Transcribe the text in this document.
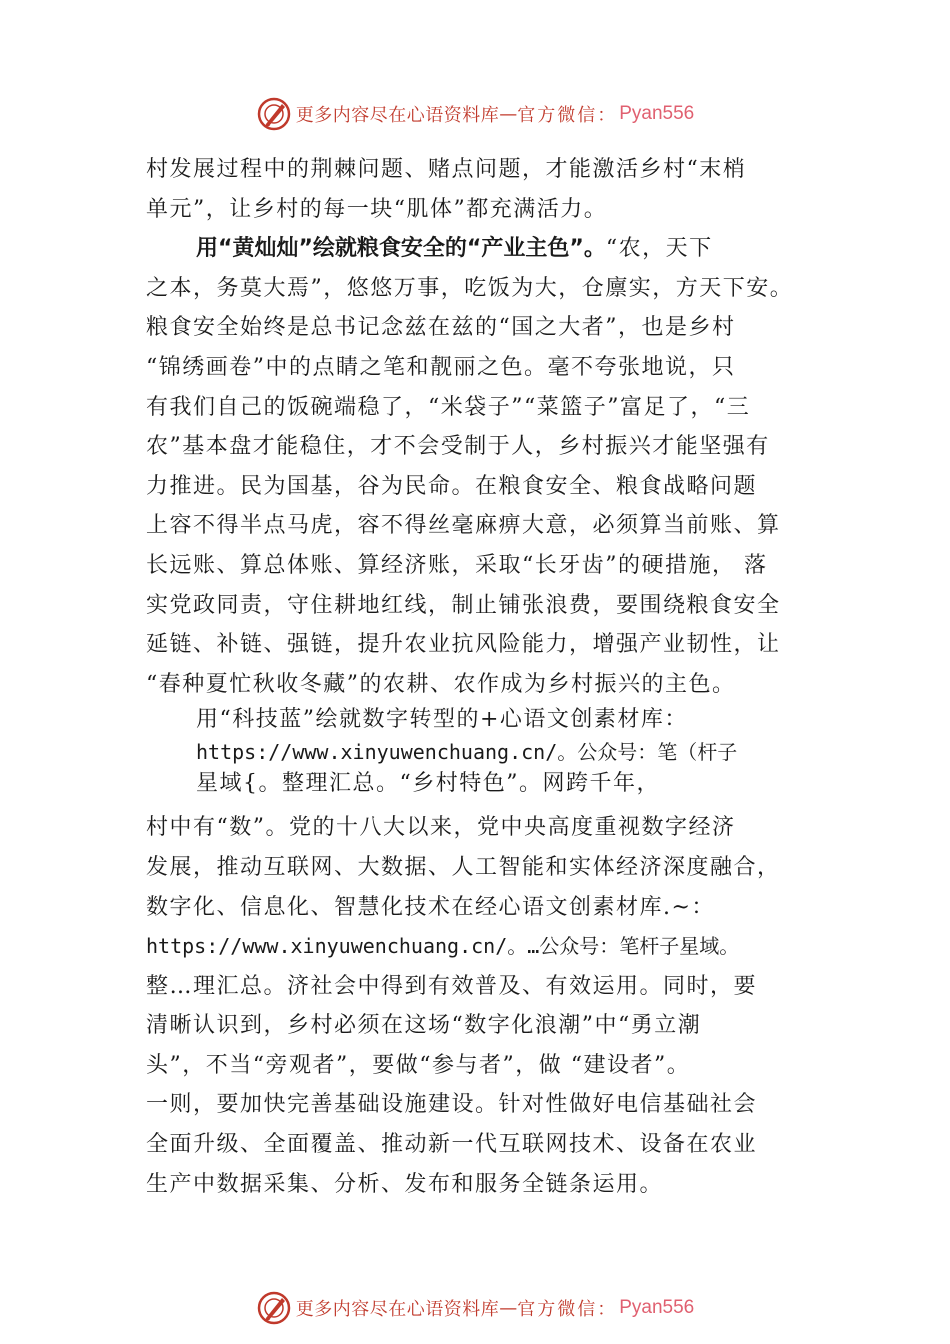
更多内容尽在心语资料库 — 官方微信： Pyan556
村发展过程中的荆棘问题、赌点问题，才能激活乡村“末梢
单元”，让乡村的每一块“肌体”都充满活力。
用“黄灿灿”绘就粮食安全的“产业主色”。“农，天下
之本，务莫大焉”，悠悠万事，吃饭为大，仓廪实，方天下安。
粮食安全始终是总书记念兹在兹的“国之大者”，也是乡村
“锦绣画卷”中的点睛之笔和靓丽之色。毫不夸张地说，只
有我们自己的饭碗端稳了，“米袋子”“菜篮子”富足了，“三
农”基本盘才能稳住，才不会受制于人，乡村振兴才能坚强有
力推进。民为国基，谷为民命。在粮食安全、粮食战略问题
上容不得半点马虎，容不得丝毫麻痹大意，必须算当前账、算
长远账、算总体账、算经济账，采取“长牙齿”的硬措施， 落
实党政同责，守住耕地红线，制止铺张浪费，要围绕粮食安全
延链、补链、强链，提升农业抗风险能力，增强产业韧性，让
“春种夏忙秋收冬藏”的农耕、农作成为乡村振兴的主色。
用“科技蓝”绘就数字转型的+心语文创素材库：
https://www.xinyuwenchuang.cn/。公众号：笔（杆子
星域{。整理汇总。“乡村特色”。网跨千年，
村中有“数”。党的十八大以来，党中央高度重视数字经济
发展，推动互联网、大数据、人工智能和实体经济深度融合，
数字化、信息化、智慧化技术在经心语文创素材库.~：
https://www.xinyuwenchuang.cn/。…公众号：笔杆子星域。
整…理汇总。济社会中得到有效普及、有效运用。同时，要
清晰认识到，乡村必须在这场“数字化浪潮”中“勇立潮
头”，不当“旁观者”，要做“参与者”，做 “建设者”。
一则，要加快完善基础设施建设。针对性做好电信基础社会
全面升级、全面覆盖、推动新一代互联网技术、设备在农业
生产中数据采集、分析、发布和服务全链条运用。
更多内容尽在心语资料库 — 官方微信： Pyan556
